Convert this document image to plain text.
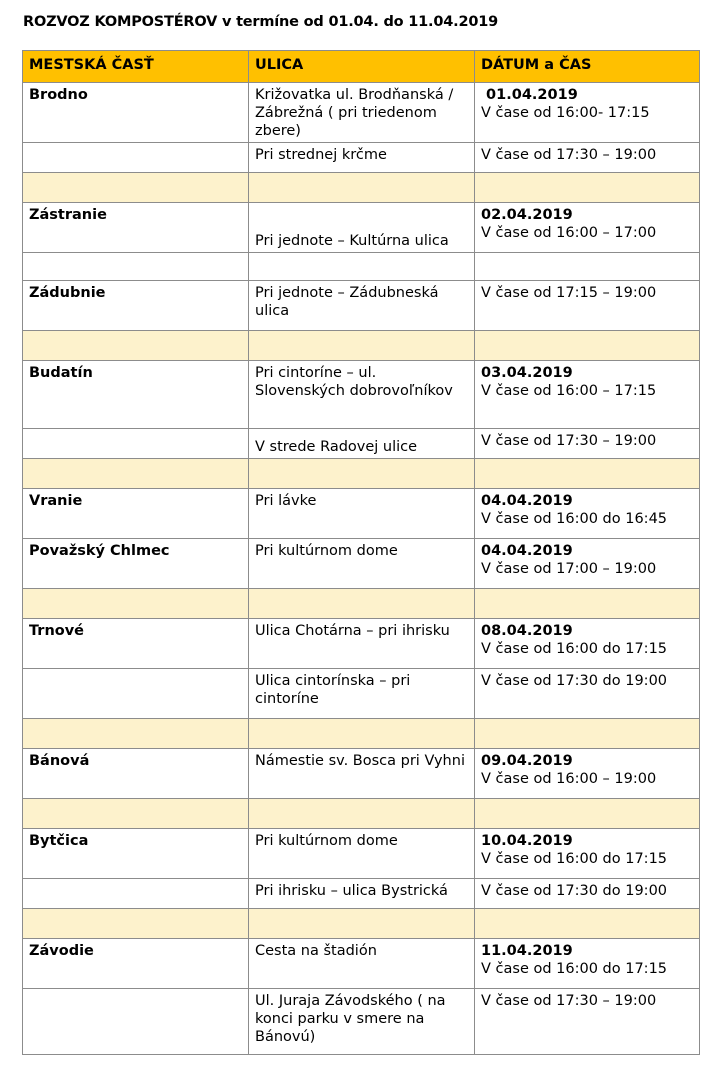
ROZVOZ KOMPOSTÉROV v termíne od 01.04. do 11.04.2019
MESTSKÁ ČASŤ	ULICA	DÁTUM a ČAS
Brodno	Križovatka ul. Brodňanská / Zábrežná ( pri triedenom zbere)	01.04.2019
V čase od 16:00- 17:15
	Pri strednej krčme	V čase od 17:30 – 19:00

Zástranie	Pri jednote – Kultúrna ulica	02.04.2019
V čase od 16:00 – 17:00

Zádubnie	Pri jednote – Zádubneská ulica	V čase od 17:15 – 19:00

Budatín	Pri cintoríne – ul. Slovenských dobrovoľníkov	03.04.2019
V čase od 16:00 – 17:15
	V strede Radovej ulice	V čase od 17:30 – 19:00

Vranie	Pri lávke	04.04.2019
V čase od 16:00 do 16:45
Považský Chlmec	Pri kultúrnom dome	04.04.2019
V čase od 17:00 – 19:00

Trnové	Ulica Chotárna – pri ihrisku	08.04.2019
V čase od 16:00 do 17:15
	Ulica cintorínska – pri cintoríne	V čase od 17:30 do 19:00

Bánová	Námestie sv. Bosca pri Vyhni	09.04.2019
V čase od 16:00 – 19:00

Bytčica	Pri kultúrnom dome	10.04.2019
V čase od 16:00 do 17:15
	Pri ihrisku – ulica Bystrická	V čase od 17:30 do 19:00

Závodie	Cesta na štadión	11.04.2019
V čase od 16:00 do 17:15
	Ul. Juraja Závodského ( na konci parku v smere na Bánovú)	V čase od 17:30 – 19:00
